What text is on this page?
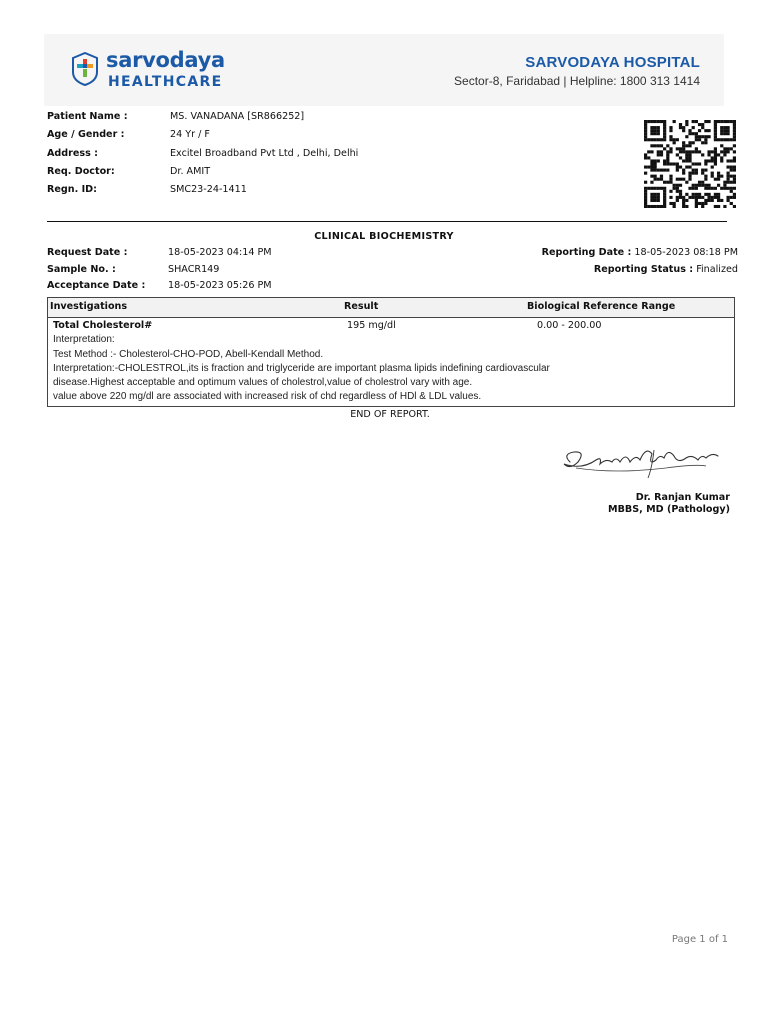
sarvodaya
HEALTHCARE
SARVODAYA HOSPITAL
Sector-8, Faridabad | Helpline: 1800 313 1414
Patient Name :	MS. VANADANA [SR866252]
Age / Gender :	24 Yr / F
Address :	Excitel Broadband Pvt Ltd , Delhi, Delhi
Req. Doctor:	Dr. AMIT
Regn. ID:	SMC23-24-1411
CLINICAL BIOCHEMISTRY
Request Date :	18-05-2023 04:14 PM
Sample No. :	SHACR149
Acceptance Date : 18-05-2023 05:26 PM
Reporting Date : 18-05-2023 08:18 PM
Reporting Status : Finalized
Investigations	Result	Biological Reference Range
Total Cholesterol#	195 mg/dl	0.00 - 200.00
Interpretation:
Test Method :- Cholesterol-CHO-POD, Abell-Kendall Method.
Interpretation:-CHOLESTROL,its is fraction and triglyceride are important plasma lipids indefining cardiovascular
disease.Highest acceptable and optimum values of cholestrol,value of cholestrol vary with age.
value above 220 mg/dl are associated with increased risk of chd regardless of HDl & LDL values.
END OF REPORT.
Dr. Ranjan Kumar
MBBS, MD (Pathology)
Page 1 of 1
